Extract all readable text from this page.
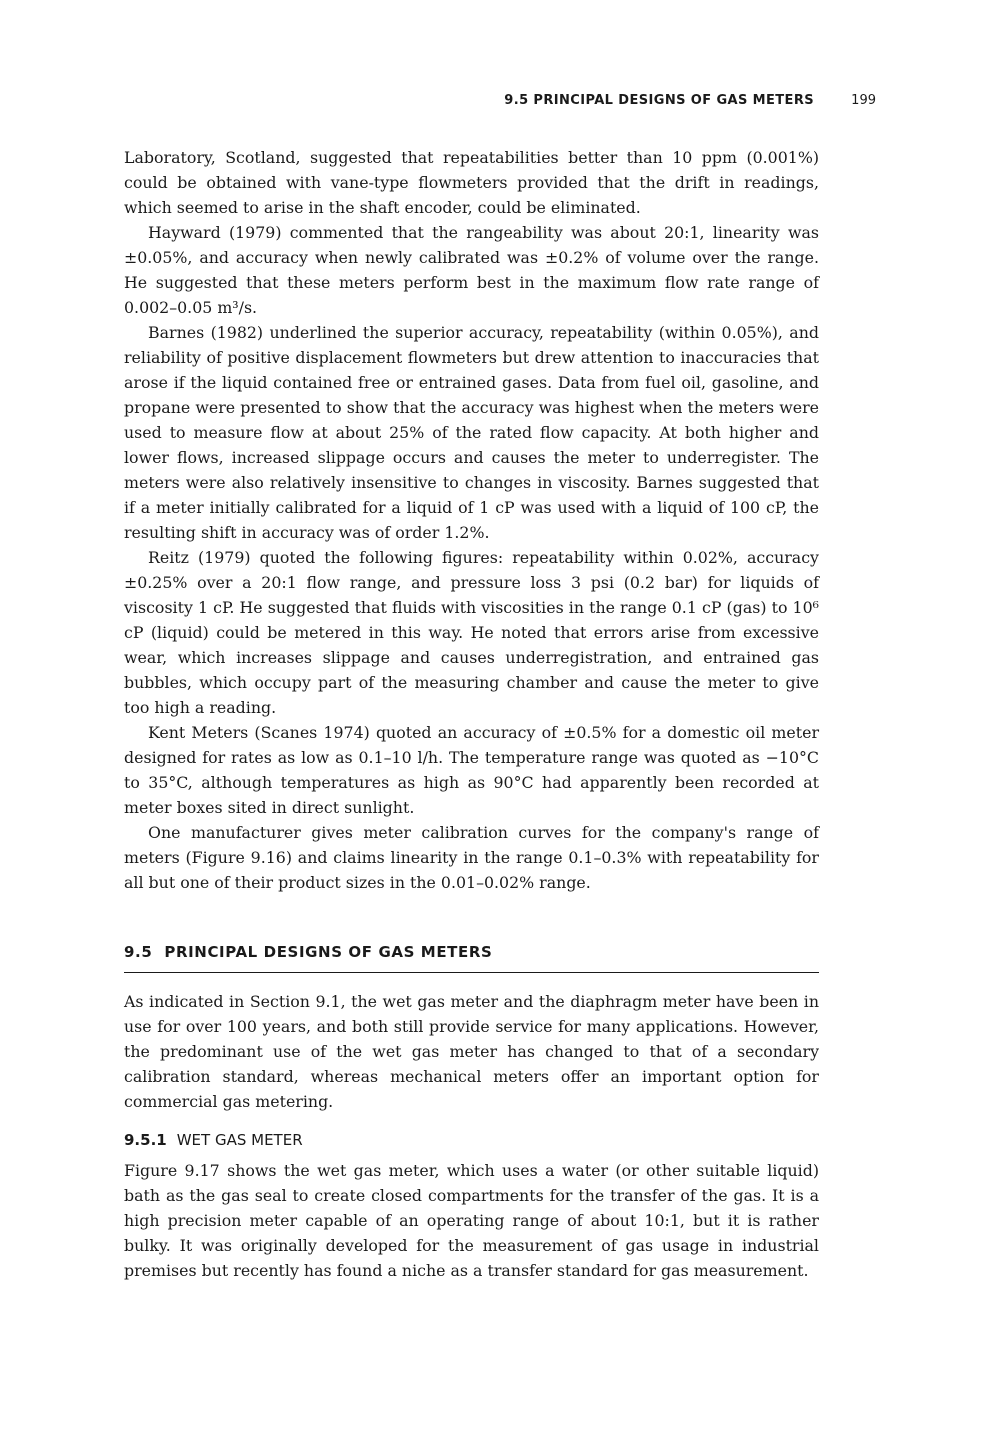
9.5 PRINCIPAL DESIGNS OF GAS METERS	199

Laboratory, Scotland, suggested that repeatabilities better than 10 ppm (0.001%) could be obtained with vane-type flowmeters provided that the drift in readings, which seemed to arise in the shaft encoder, could be eliminated.

Hayward (1979) commented that the rangeability was about 20:1, linearity was ±0.05%, and accuracy when newly calibrated was ±0.2% of volume over the range. He suggested that these meters perform best in the maximum flow rate range of 0.002–0.05 m³/s.

Barnes (1982) underlined the superior accuracy, repeatability (within 0.05%), and reliability of positive displacement flowmeters but drew attention to inaccuracies that arose if the liquid contained free or entrained gases. Data from fuel oil, gasoline, and propane were presented to show that the accuracy was highest when the meters were used to measure flow at about 25% of the rated flow capacity. At both higher and lower flows, increased slippage occurs and causes the meter to underregister. The meters were also relatively insensitive to changes in viscosity. Barnes suggested that if a meter initially calibrated for a liquid of 1 cP was used with a liquid of 100 cP, the resulting shift in accuracy was of order 1.2%.

Reitz (1979) quoted the following figures: repeatability within 0.02%, accuracy ±0.25% over a 20:1 flow range, and pressure loss 3 psi (0.2 bar) for liquids of viscosity 1 cP. He suggested that fluids with viscosities in the range 0.1 cP (gas) to 10⁶ cP (liquid) could be metered in this way. He noted that errors arise from excessive wear, which increases slippage and causes underregistration, and entrained gas bubbles, which occupy part of the measuring chamber and cause the meter to give too high a reading.

Kent Meters (Scanes 1974) quoted an accuracy of ±0.5% for a domestic oil meter designed for rates as low as 0.1–10 l/h. The temperature range was quoted as −10°C to 35°C, although temperatures as high as 90°C had apparently been recorded at meter boxes sited in direct sunlight.

One manufacturer gives meter calibration curves for the company's range of meters (Figure 9.16) and claims linearity in the range 0.1–0.3% with repeatability for all but one of their product sizes in the 0.01–0.02% range.

9.5 PRINCIPAL DESIGNS OF GAS METERS

As indicated in Section 9.1, the wet gas meter and the diaphragm meter have been in use for over 100 years, and both still provide service for many applications. However, the predominant use of the wet gas meter has changed to that of a secondary calibration standard, whereas mechanical meters offer an important option for commercial gas metering.

9.5.1 WET GAS METER

Figure 9.17 shows the wet gas meter, which uses a water (or other suitable liquid) bath as the gas seal to create closed compartments for the transfer of the gas. It is a high precision meter capable of an operating range of about 10:1, but it is rather bulky. It was originally developed for the measurement of gas usage in industrial premises but recently has found a niche as a transfer standard for gas measurement.
